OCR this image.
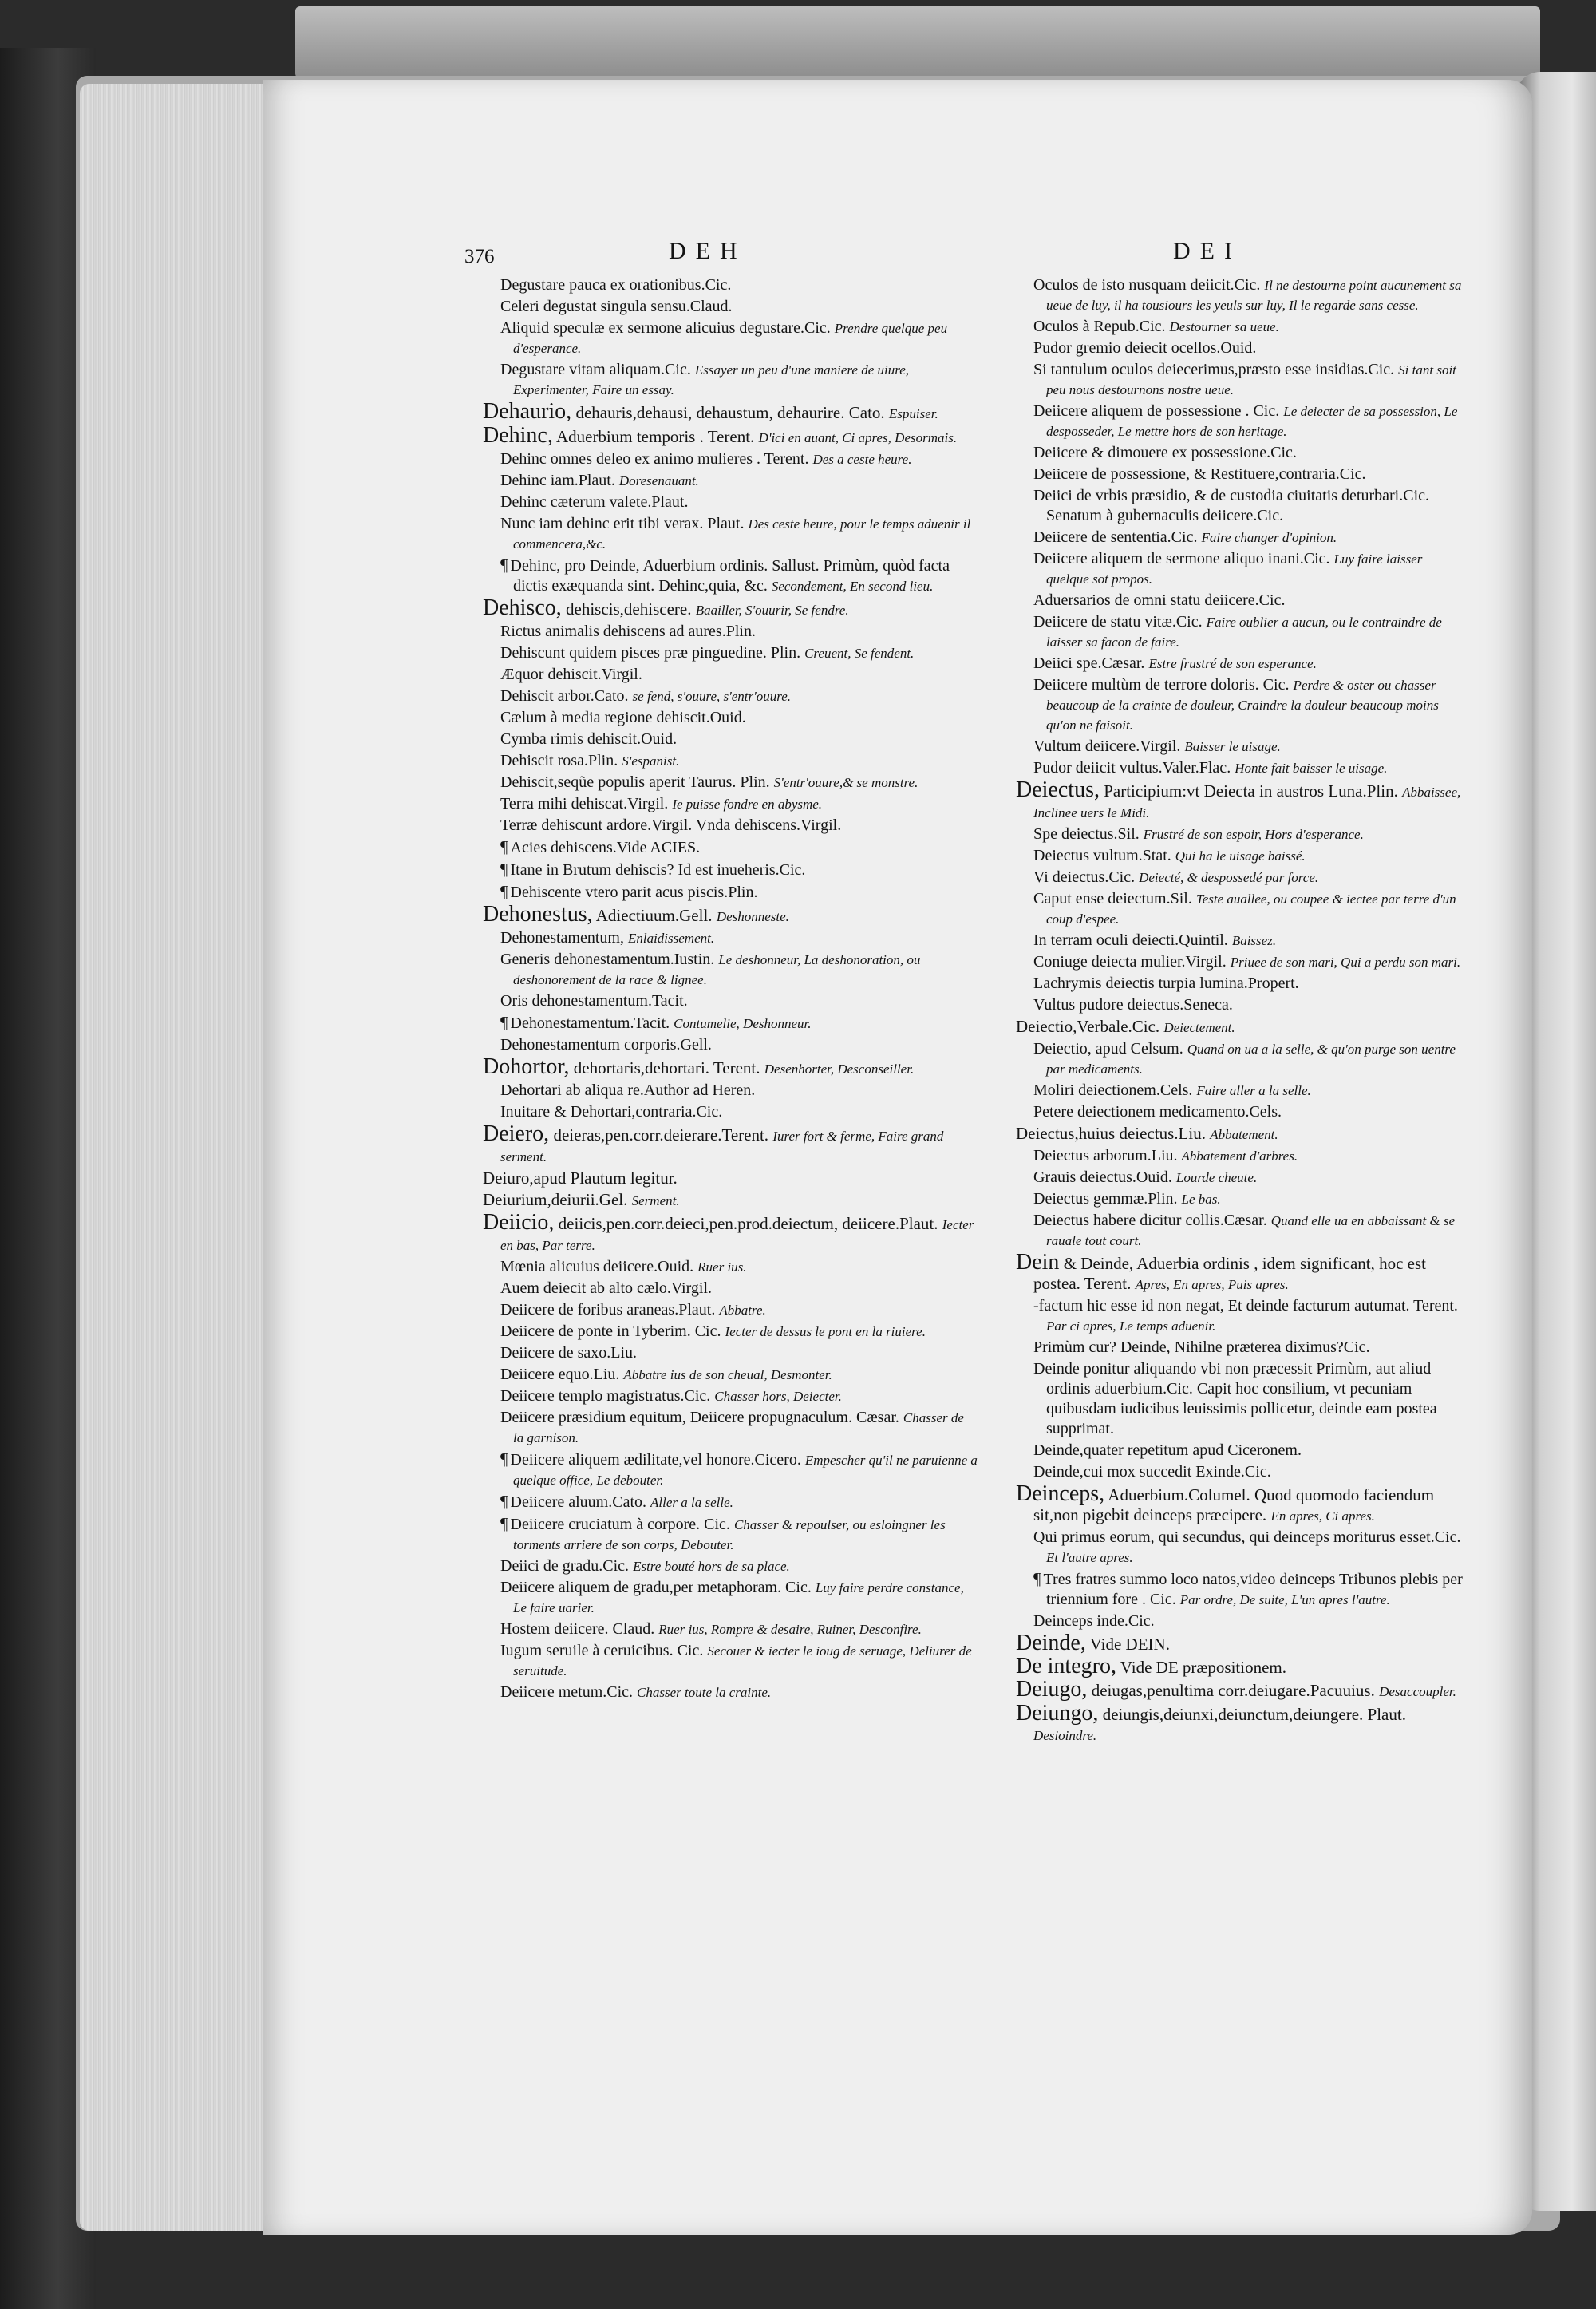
376	DEH	DEI

Degustare pauca ex orationibus.Cic.

Celeri degustat singula sensu.Claud.

Aliquid speculæ ex sermone alicuius degustare.Cic. Prendre quelque peu d'esperance.

Degustare vitam aliquam.Cic. Essayer un peu d'une maniere de uiure, Experimenter, Faire un essay.

Dehaurio, dehauris,dehausi, dehaustum, dehaurire. Cato. Espuiser.

Dehinc, Aduerbium temporis . Terent. D'ici en auant, Ci apres, Desormais.

Dehinc omnes deleo ex animo mulieres . Terent. Des a ceste heure.

Dehinc iam.Plaut. Doresenauant.

Dehinc cæterum valete.Plaut.

Nunc iam dehinc erit tibi verax. Plaut. Des ceste heure, pour le temps aduenir il commencera,&c.

¶ Dehinc, pro Deinde, Aduerbium ordinis. Sallust. Primùm, quòd facta dictis exæquanda sint. Dehinc,quia, &c. Secondement, En second lieu.

Dehisco, dehiscis,dehiscere. Baailler, S'ouurir, Se fendre.

Rictus animalis dehiscens ad aures.Plin.

Dehiscunt quidem pisces præ pinguedine. Plin. Creuent, Se fendent.

Æquor dehiscit.Virgil.

Dehiscit arbor.Cato. se fend, s'ouure, s'entr'ouure.

Cælum à media regione dehiscit.Ouid.

Cymba rimis dehiscit.Ouid.

Dehiscit rosa.Plin. S'espanist.

Dehiscit,seqũe populis aperit Taurus. Plin. S'entr'ouure,& se monstre.

Terra mihi dehiscat.Virgil. Ie puisse fondre en abysme.

Terræ dehiscunt ardore.Virgil. Vnda dehiscens.Virgil.

¶ Acies dehiscens.Vide ACIES.

¶ Itane in Brutum dehiscis? Id est inueheris.Cic.

¶ Dehiscente vtero parit acus piscis.Plin.

Dehonestus, Adiectiuum.Gell. Deshonneste.

Dehonestamentum, Enlaidissement.

Generis dehonestamentum.Iustin. Le deshonneur, La deshonoration, ou deshonorement de la race & lignee.

Oris dehonestamentum.Tacit.

¶ Dehonestamentum.Tacit. Contumelie, Deshonneur.

Dehonestamentum corporis.Gell.

Dohortor, dehortaris,dehortari. Terent. Desenhorter, Desconseiller.

Dehortari ab aliqua re.Author ad Heren.

Inuitare & Dehortari,contraria.Cic.

Deiero, deieras,pen.corr.deierare.Terent. Iurer fort & ferme, Faire grand serment.

Deiuro,apud Plautum legitur.

Deiurium,deiurii.Gel. Serment.

Deiicio, deiicis,pen.corr.deieci,pen.prod.deiectum, deiicere.Plaut. Iecter en bas, Par terre.

Mœnia alicuius deiicere.Ouid. Ruer ius.

Auem deiecit ab alto cælo.Virgil.

Deiicere de foribus araneas.Plaut. Abbatre.

Deiicere de ponte in Tyberim. Cic. Iecter de dessus le pont en la riuiere.

Deiicere de saxo.Liu.

Deiicere equo.Liu. Abbatre ius de son cheual, Desmonter.

Deiicere templo magistratus.Cic. Chasser hors, Deiecter.

Deiicere præsidium equitum, Deiicere propugnaculum. Cæsar. Chasser de la garnison.

¶ Deiicere aliquem ædilitate,vel honore.Cicero. Empescher qu'il ne paruienne a quelque office, Le debouter.

¶ Deiicere aluum.Cato. Aller a la selle.

¶ Deiicere cruciatum à corpore. Cic. Chasser & repoulser, ou esloingner les torments arriere de son corps, Debouter.

Deiici de gradu.Cic. Estre bouté hors de sa place.

Deiicere aliquem de gradu,per metaphoram. Cic. Luy faire perdre constance, Le faire uarier.

Hostem deiicere. Claud. Ruer ius, Rompre & desaire, Ruiner, Desconfire.

Iugum seruile à ceruicibus. Cic. Secouer & iecter le ioug de seruage, Deliurer de seruitude.

Deiicere metum.Cic. Chasser toute la crainte.

Oculos de isto nusquam deiicit.Cic. Il ne destourne point aucunement sa ueue de luy, il ha tousiours les yeuls sur luy, Il le regarde sans cesse.

Oculos à Repub.Cic. Destourner sa ueue.

Pudor gremio deiecit ocellos.Ouid.

Si tantulum oculos deiecerimus,præsto esse insidias.Cic. Si tant soit peu nous destournons nostre ueue.

Deiicere aliquem de possessione . Cic. Le deiecter de sa possession, Le desposseder, Le mettre hors de son heritage.

Deiicere & dimouere ex possessione.Cic.

Deiicere de possessione, & Restituere,contraria.Cic.

Deiici de vrbis præsidio, & de custodia ciuitatis deturbari.Cic. Senatum à gubernaculis deiicere.Cic.

Deiicere de sententia.Cic. Faire changer d'opinion.

Deiicere aliquem de sermone aliquo inani.Cic. Luy faire laisser quelque sot propos.

Aduersarios de omni statu deiicere.Cic.

Deiicere de statu vitæ.Cic. Faire oublier a aucun, ou le contraindre de laisser sa facon de faire.

Deiici spe.Cæsar. Estre frustré de son esperance.

Deiicere multùm de terrore doloris. Cic. Perdre & oster ou chasser beaucoup de la crainte de douleur, Craindre la douleur beaucoup moins qu'on ne faisoit.

Vultum deiicere.Virgil. Baisser le uisage.

Pudor deiicit vultus.Valer.Flac. Honte fait baisser le uisage.

Deiectus, Participium:vt Deiecta in austros Luna.Plin. Abbaissee, Inclinee uers le Midi.

Spe deiectus.Sil. Frustré de son espoir, Hors d'esperance.

Deiectus vultum.Stat. Qui ha le uisage baissé.

Vi deiectus.Cic. Deiecté, & despossedé par force.

Caput ense deiectum.Sil. Teste auallee, ou coupee & iectee par terre d'un coup d'espee.

In terram oculi deiecti.Quintil. Baissez.

Coniuge deiecta mulier.Virgil. Priuee de son mari, Qui a perdu son mari.

Lachrymis deiectis turpia lumina.Propert.

Vultus pudore deiectus.Seneca.

Deiectio,Verbale.Cic. Deiectement.

Deiectio, apud Celsum. Quand on ua a la selle, & qu'on purge son uentre par medicaments.

Moliri deiectionem.Cels. Faire aller a la selle.

Petere deiectionem medicamento.Cels.

Deiectus,huius deiectus.Liu. Abbatement.

Deiectus arborum.Liu. Abbatement d'arbres.

Grauis deiectus.Ouid. Lourde cheute.

Deiectus gemmæ.Plin. Le bas.

Deiectus habere dicitur collis.Cæsar. Quand elle ua en abbaissant & se rauale tout court.

Dein & Deinde, Aduerbia ordinis , idem significant, hoc est postea. Terent. Apres, En apres, Puis apres.

-factum hic esse id non negat, Et deinde facturum autumat. Terent. Par ci apres, Le temps aduenir.

Primùm cur? Deinde, Nihilne præterea diximus?Cic.

Deinde ponitur aliquando vbi non præcessit Primùm, aut aliud ordinis aduerbium.Cic. Capit hoc consilium, vt pecuniam quibusdam iudicibus leuissimis pollicetur, deinde eam postea supprimat.

Deinde,quater repetitum apud Ciceronem.

Deinde,cui mox succedit Exinde.Cic.

Deinceps, Aduerbium.Columel. Quod quomodo faciendum sit,non pigebit deinceps præcipere. En apres, Ci apres.

Qui primus eorum, qui secundus, qui deinceps moriturus esset.Cic. Et l'autre apres.

¶ Tres fratres summo loco natos,video deinceps Tribunos plebis per triennium fore . Cic. Par ordre, De suite, L'un apres l'autre.

Deinceps inde.Cic.

Deinde, Vide DEIN.

De integro, Vide DE præpositionem.

Deiugo, deiugas,penultima corr.deiugare.Pacuuius. Desaccoupler.

Deiungo, deiungis,deiunxi,deiunctum,deiungere. Plaut. Desioindre.
